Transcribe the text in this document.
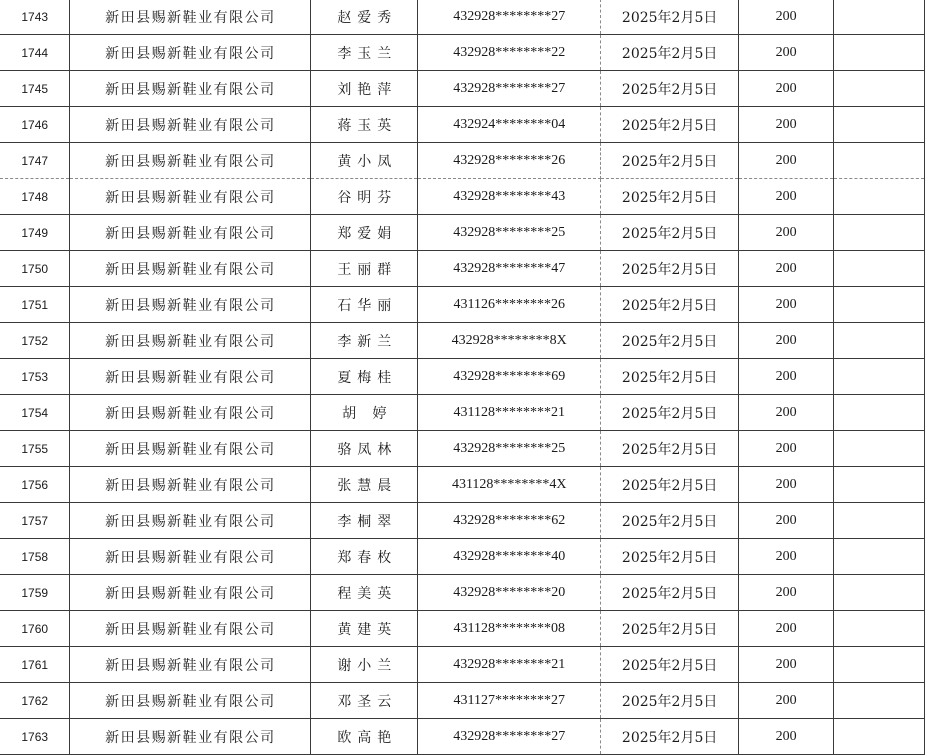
1743	新田县赐新鞋业有限公司	赵爱秀	432928********27	2025年2月5日	200	
1744	新田县赐新鞋业有限公司	李玉兰	432928********22	2025年2月5日	200	
1745	新田县赐新鞋业有限公司	刘艳萍	432928********27	2025年2月5日	200	
1746	新田县赐新鞋业有限公司	蒋玉英	432924********04	2025年2月5日	200	
1747	新田县赐新鞋业有限公司	黄小凤	432928********26	2025年2月5日	200	
1748	新田县赐新鞋业有限公司	谷明芬	432928********43	2025年2月5日	200	
1749	新田县赐新鞋业有限公司	郑爱娟	432928********25	2025年2月5日	200	
1750	新田县赐新鞋业有限公司	王丽群	432928********47	2025年2月5日	200	
1751	新田县赐新鞋业有限公司	石华丽	431126********26	2025年2月5日	200	
1752	新田县赐新鞋业有限公司	李新兰	432928********8X	2025年2月5日	200	
1753	新田县赐新鞋业有限公司	夏梅桂	432928********69	2025年2月5日	200	
1754	新田县赐新鞋业有限公司	胡 婷	431128********21	2025年2月5日	200	
1755	新田县赐新鞋业有限公司	骆凤林	432928********25	2025年2月5日	200	
1756	新田县赐新鞋业有限公司	张慧晨	431128********4X	2025年2月5日	200	
1757	新田县赐新鞋业有限公司	李桐翠	432928********62	2025年2月5日	200	
1758	新田县赐新鞋业有限公司	郑春枚	432928********40	2025年2月5日	200	
1759	新田县赐新鞋业有限公司	程美英	432928********20	2025年2月5日	200	
1760	新田县赐新鞋业有限公司	黄建英	431128********08	2025年2月5日	200	
1761	新田县赐新鞋业有限公司	谢小兰	432928********21	2025年2月5日	200	
1762	新田县赐新鞋业有限公司	邓圣云	431127********27	2025年2月5日	200	
1763	新田县赐新鞋业有限公司	欧高艳	432928********27	2025年2月5日	200	
